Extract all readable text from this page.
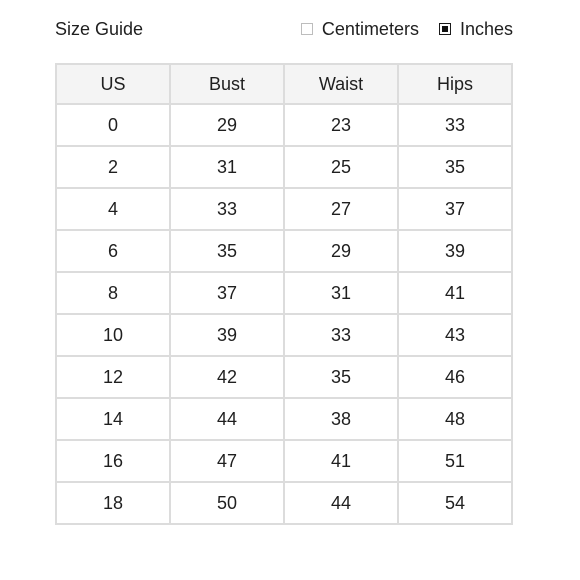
Size Guide	Centimeters Inches
US	Bust	Waist	Hips
0	29	23	33
2	31	25	35
4	33	27	37
6	35	29	39
8	37	31	41
10	39	33	43
12	42	35	46
14	44	38	48
16	47	41	51
18	50	44	54
